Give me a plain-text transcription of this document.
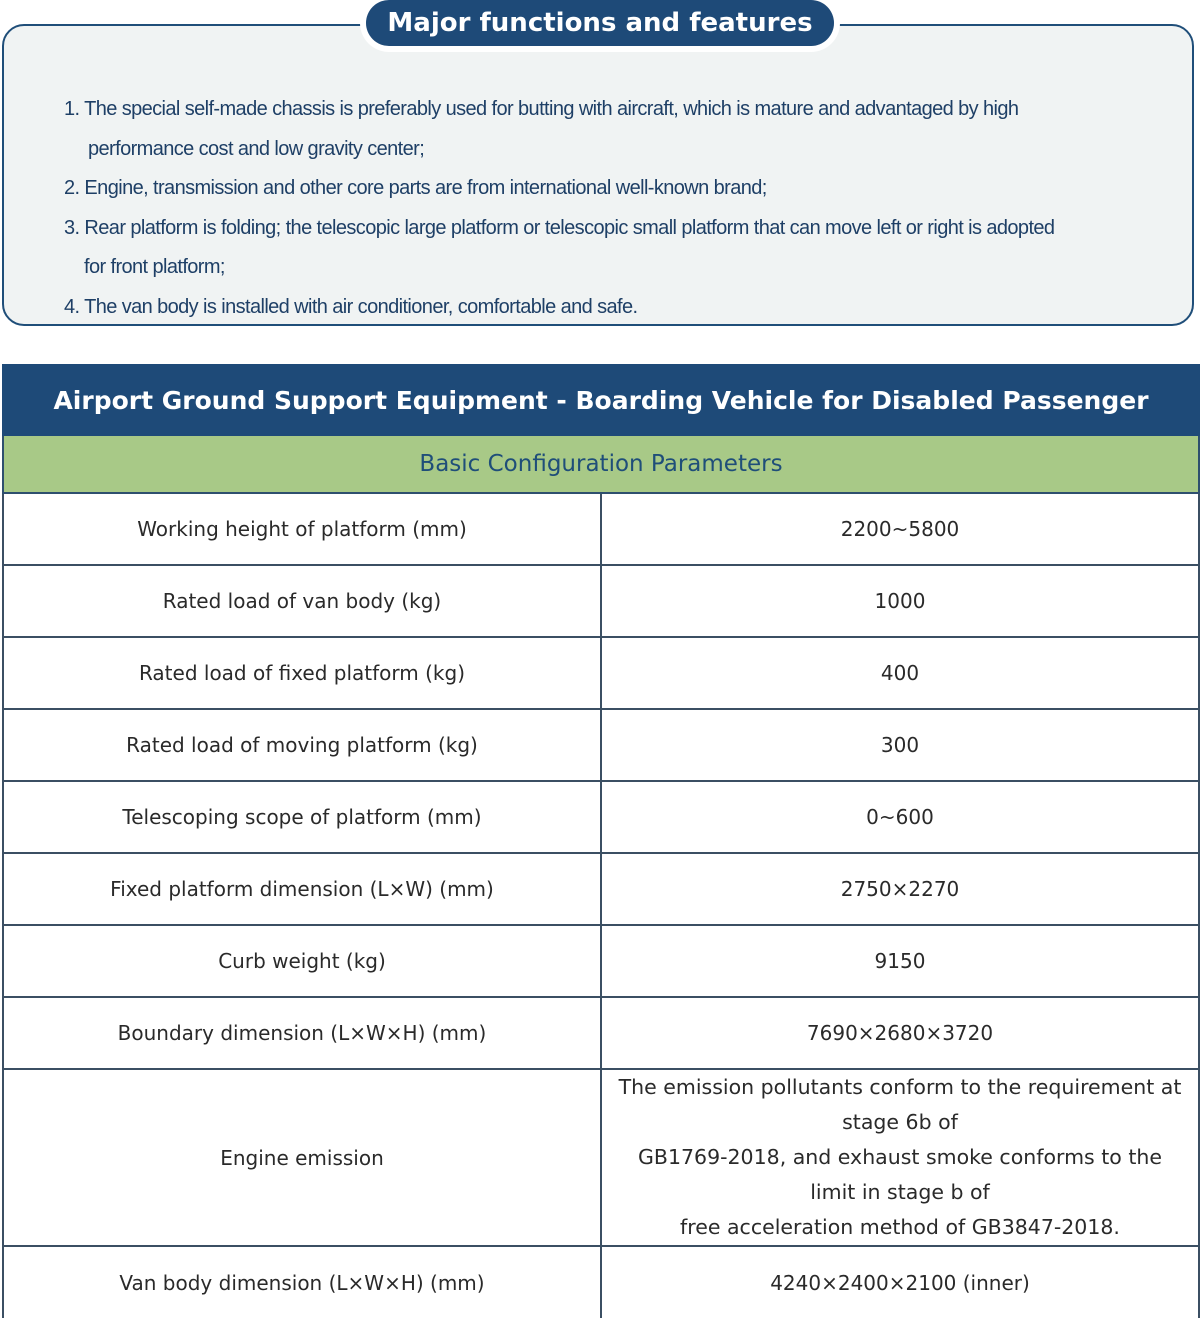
1. The special self-made chassis is preferably used for butting with aircraft, which is mature and advantaged by high
performance cost and low gravity center;
2. Engine, transmission and other core parts are from international well-known brand;
3. Rear platform is folding; the telescopic large platform or telescopic small platform that can move left or right is adopted
for front platform;
4. The van body is installed with air conditioner, comfortable and safe.
Major functions and features
Airport Ground Support Equipment - Boarding Vehicle for Disabled Passenger	
Basic Configuration Parameters	
Working height of platform (mm)	2200~5800
Rated load of van body (kg)	1000
Rated load of fixed platform (kg)	400
Rated load of moving platform (kg)	300
Telescoping scope of platform (mm)	0~600
Fixed platform dimension (L×W) (mm)	2750×2270
Curb weight (kg)	9150
Boundary dimension (L×W×H) (mm)	7690×2680×3720
Engine emission	The emission pollutants conform to the requirement at stage 6b of
GB1769-2018, and exhaust smoke conforms to the limit in stage b of
free acceleration method of GB3847-2018.

Van body dimension (L×W×H) (mm)	4240×2400×2100 (inner)
